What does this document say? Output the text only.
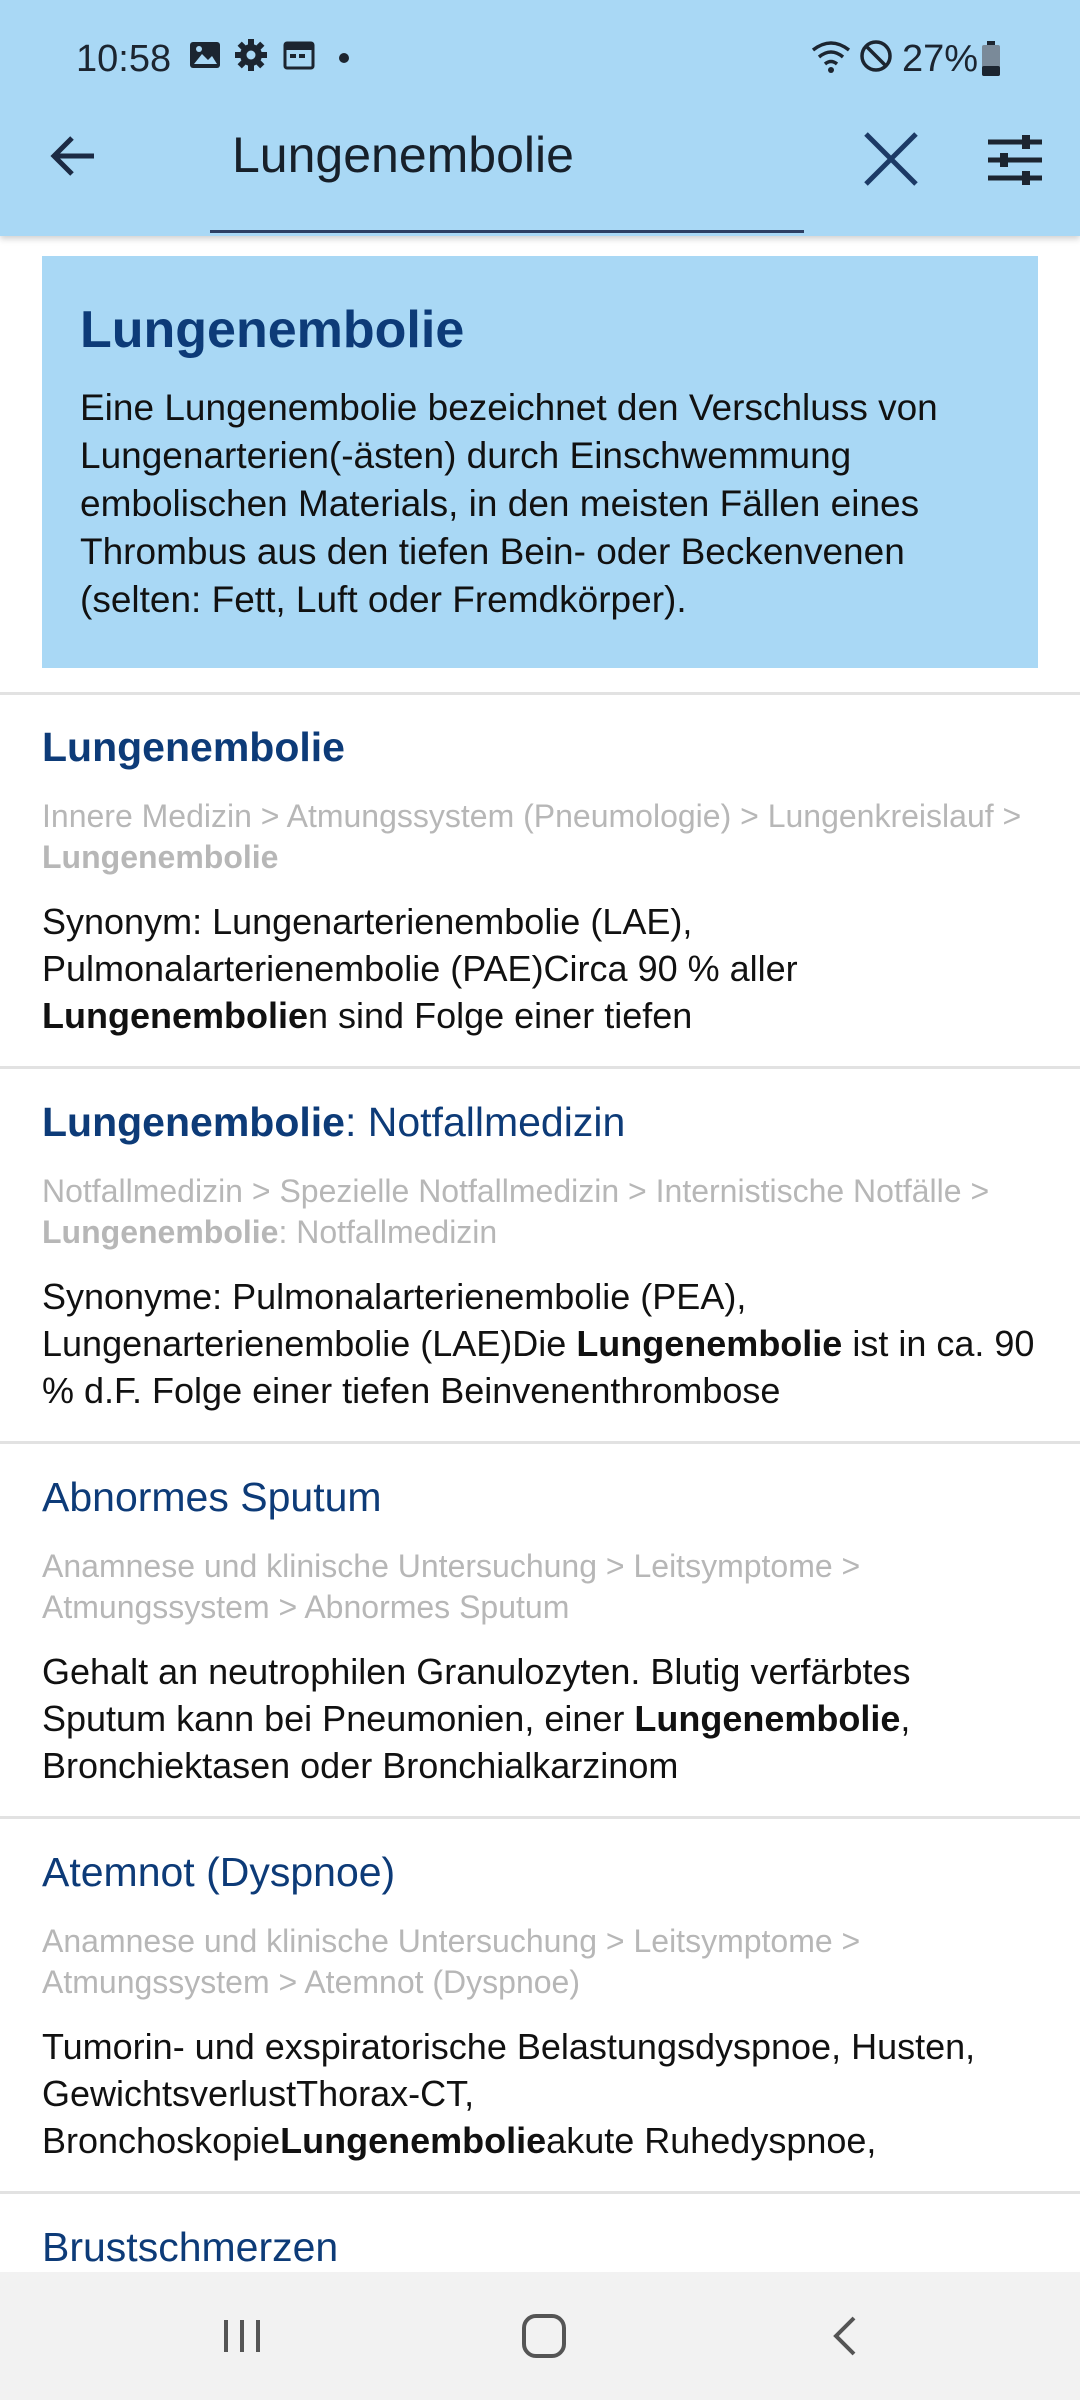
10:58	27%
Lungenembolie
Lungenembolie
Eine Lungenembolie bezeichnet den Verschluss von Lungenarterien(-ästen) durch Einschwemmung embolischen Materials, in den meisten Fällen eines Thrombus aus den tiefen Bein- oder Beckenvenen (selten: Fett, Luft oder Fremdkörper).
Lungenembolie
Innere Medizin > Atmungssystem (Pneumologie) > Lungenkreislauf > Lungenembolie
Synonym: Lungenarterienembolie (LAE), Pulmonalarterienembolie (PAE)Circa 90 % aller Lungenembolien sind Folge einer tiefen
Lungenembolie: Notfallmedizin
Notfallmedizin > Spezielle Notfallmedizin > Internistische Notfälle > Lungenembolie: Notfallmedizin
Synonyme: Pulmonalarterienembolie (PEA), Lungenarterienembolie (LAE)Die Lungenembolie ist in ca. 90 % d.F. Folge einer tiefen Beinvenenthrombose
Abnormes Sputum
Anamnese und klinische Untersuchung > Leitsymptome > Atmungssystem > Abnormes Sputum
Gehalt an neutrophilen Granulozyten. Blutig verfärbtes Sputum kann bei Pneumonien, einer Lungenembolie, Bronchiektasen oder Bronchialkarzinom
Atemnot (Dyspnoe)
Anamnese und klinische Untersuchung > Leitsymptome > Atmungssystem > Atemnot (Dyspnoe)
Tumorin- und exspiratorische Belastungsdyspnoe, Husten, GewichtsverlustThorax-CT, BronchoskopieLungenembolieakute Ruhedyspnoe,
Brustschmerzen
